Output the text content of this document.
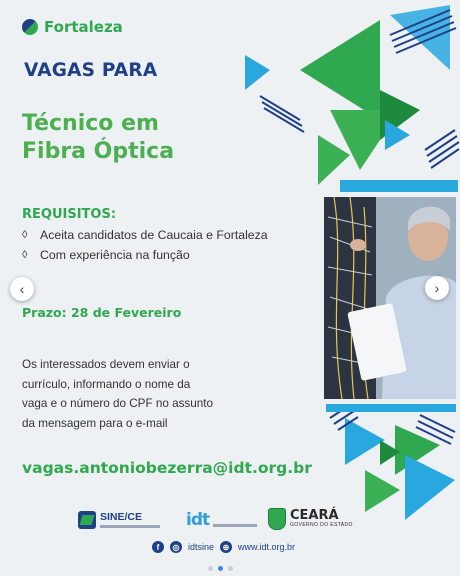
Fortaleza
VAGAS PARA
Técnico em
Fibra Óptica
REQUISITOS:
◊	Aceita candidatos de Caucaia e Fortaleza
◊	Com experiência na função
Prazo: 28 de Fevereiro

Os interessados devem enviar o
currículo, informando o nome da
vaga e o número do CPF no assunto
da mensagem para o e-mail

vagas.antoniobezerra@idt.org.br
‹	›
SINE/CE	idt	CEARÁ
GOVERNO DO ESTADO
f	◎ idtsine	⊕ www.idt.org.br
